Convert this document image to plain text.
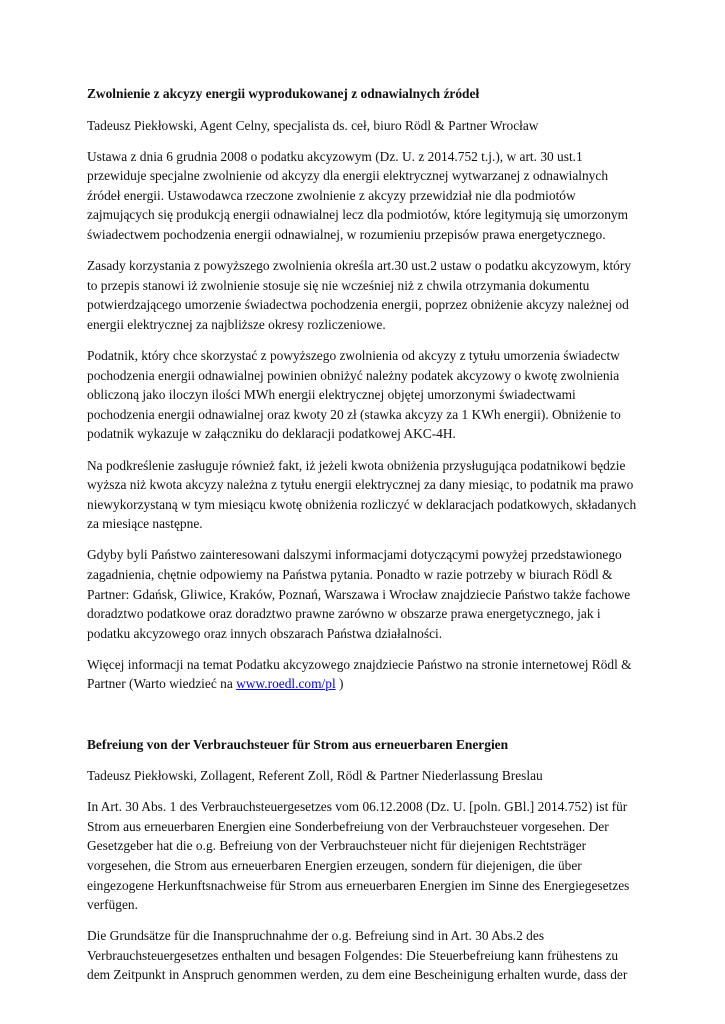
Zwolnienie z akcyzy energii wyprodukowanej z odnawialnych źródeł
Tadeusz Piekłowski, Agent Celny, specjalista ds. ceł, biuro Rödl & Partner Wrocław
Ustawa z dnia 6 grudnia 2008 o podatku akcyzowym (Dz. U. z 2014.752 t.j.), w art. 30 ust.1 przewiduje specjalne zwolnienie od akcyzy dla energii elektrycznej wytwarzanej z odnawialnych źródeł energii. Ustawodawca rzeczone zwolnienie z akcyzy przewidział nie dla podmiotów zajmujących się produkcją energii odnawialnej lecz dla podmiotów, które legitymują się umorzonym świadectwem pochodzenia energii odnawialnej, w rozumieniu przepisów prawa energetycznego.
Zasady korzystania z powyższego zwolnienia określa art.30 ust.2 ustaw o podatku akcyzowym, który to przepis stanowi iż zwolnienie stosuje się nie wcześniej niż z chwila otrzymania dokumentu potwierdzającego umorzenie świadectwa pochodzenia energii, poprzez obniżenie akcyzy należnej od energii elektrycznej za najbliższe okresy rozliczeniowe.
Podatnik, który chce skorzystać z powyższego zwolnienia od akcyzy z tytułu umorzenia świadectw pochodzenia energii odnawialnej powinien obniżyć należny podatek akcyzowy o kwotę zwolnienia obliczoną jako iloczyn ilości MWh energii elektrycznej objętej umorzonymi świadectwami pochodzenia energii odnawialnej oraz kwoty 20 zł (stawka akcyzy za 1 KWh energii). Obniżenie to podatnik wykazuje w załączniku do deklaracji podatkowej AKC-4H.
Na podkreślenie zasługuje również fakt, iż jeżeli kwota obniżenia przysługująca podatnikowi będzie wyższa niż kwota akcyzy należna z tytułu energii elektrycznej za dany miesiąc, to podatnik ma prawo niewykorzystaną w tym miesiącu kwotę obniżenia rozliczyć w deklaracjach podatkowych, składanych za miesiące następne.
Gdyby byli Państwo zainteresowani dalszymi informacjami dotyczącymi powyżej przedstawionego zagadnienia, chętnie odpowiemy na Państwa pytania. Ponadto w razie potrzeby w biurach Rödl & Partner: Gdańsk, Gliwice, Kraków, Poznań, Warszawa i Wrocław znajdziecie Państwo także fachowe doradztwo podatkowe oraz doradztwo prawne zarówno w obszarze prawa energetycznego, jak i podatku akcyzowego oraz innych obszarach Państwa działalności.
Więcej informacji na temat Podatku akcyzowego znajdziecie Państwo na stronie internetowej Rödl & Partner (Warto wiedzieć na www.roedl.com/pl )
Befreiung von der Verbrauchsteuer für Strom aus erneuerbaren Energien
Tadeusz Piekłowski, Zollagent, Referent Zoll, Rödl & Partner Niederlassung Breslau
In Art. 30 Abs. 1 des Verbrauchsteuergesetzes vom 06.12.2008 (Dz. U. [poln. GBl.] 2014.752) ist für Strom aus erneuerbaren Energien eine Sonderbefreiung von der Verbrauchsteuer vorgesehen. Der Gesetzgeber hat die o.g. Befreiung von der Verbrauchsteuer nicht für diejenigen Rechtsträger vorgesehen, die Strom aus erneuerbaren Energien erzeugen, sondern für diejenigen, die über eingezogene Herkunftsnachweise für Strom aus erneuerbaren Energien im Sinne des Energiegesetzes verfügen.
Die Grundsätze für die Inanspruchnahme der o.g. Befreiung sind in Art. 30 Abs.2 des Verbrauchsteuergesetzes enthalten und besagen Folgendes: Die Steuerbefreiung kann frühestens zu dem Zeitpunkt in Anspruch genommen werden, zu dem eine Bescheinigung erhalten wurde, dass der
